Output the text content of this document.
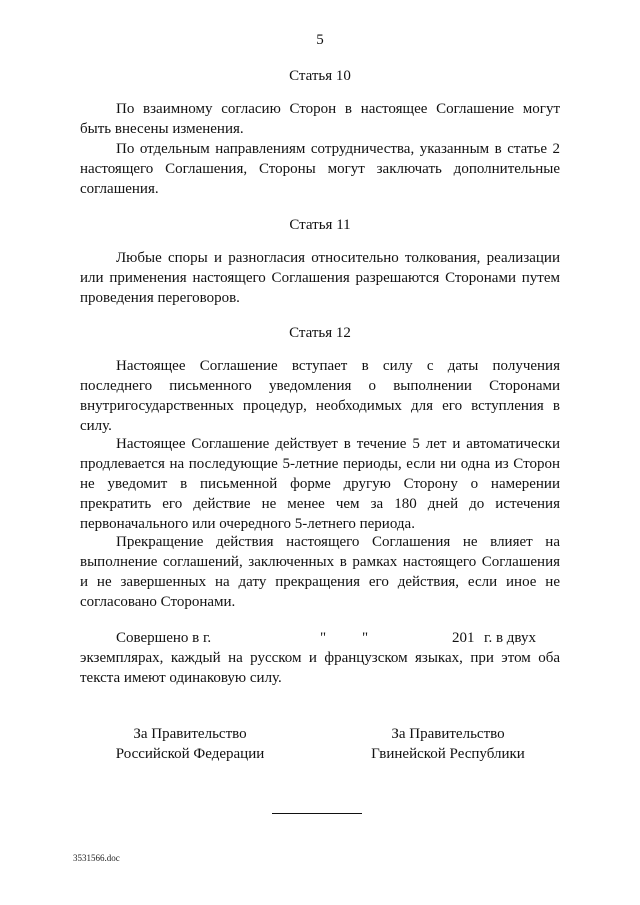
5
Статья 10
По взаимному согласию Сторон в настоящее Соглашение могут быть внесены изменения.
По отдельным направлениям сотрудничества, указанным в статье 2 настоящего Соглашения, Стороны могут заключать дополнительные соглашения.
Статья 11
Любые споры и разногласия относительно толкования, реализации или применения настоящего Соглашения разрешаются Сторонами путем проведения переговоров.
Статья 12
Настоящее Соглашение вступает в силу с даты получения последнего письменного уведомления о выполнении Сторонами внутригосударственных процедур, необходимых для его вступления в силу.
Настоящее Соглашение действует в течение 5 лет и автоматически продлевается на последующие 5-летние периоды, если ни одна из Сторон не уведомит в письменной форме другую Сторону о намерении прекратить его действие не менее чем за 180 дней до истечения первоначального или очередного 5-летнего периода.
Прекращение действия настоящего Соглашения не влияет на выполнение соглашений, заключенных в рамках настоящего Соглашения и не завершенных на дату прекращения его действия, если иное не согласовано Сторонами.
Совершено в г.	" "	201 г. в двух
экземплярах, каждый на русском и французском языках, при этом оба текста имеют одинаковую силу.
За Правительство
Российской Федерации
За Правительство
Гвинейской Республики
3531566.doc
